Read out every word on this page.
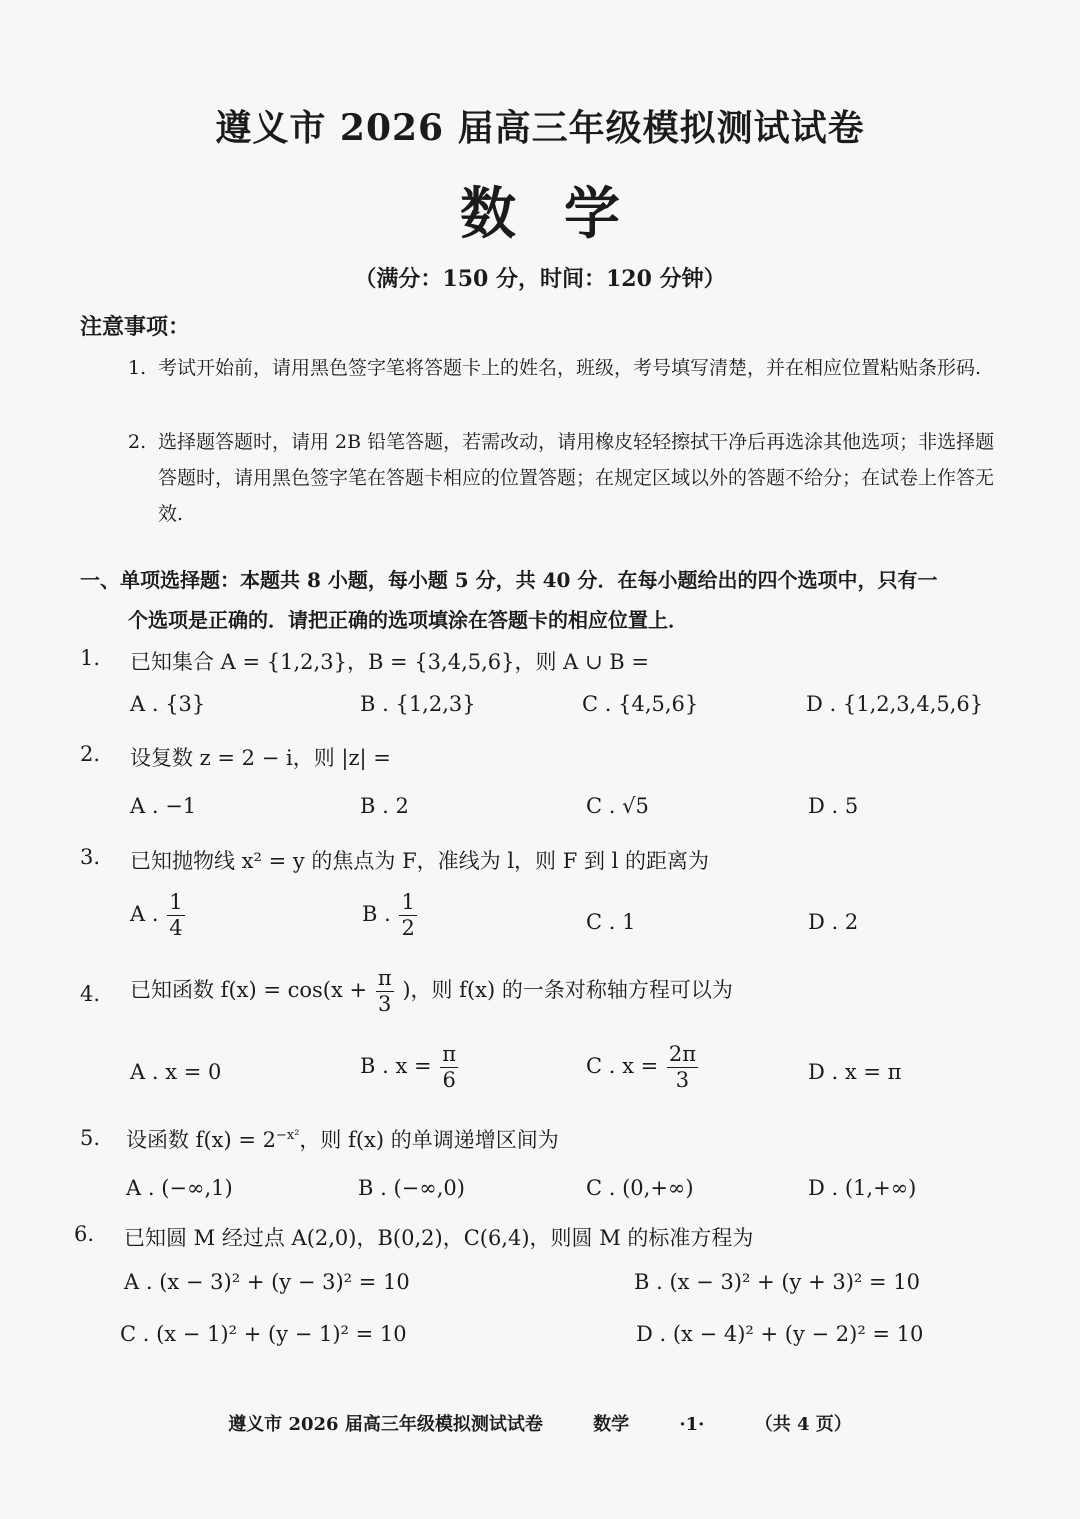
遵义市 2026 届高三年级模拟测试试卷
数学
（满分：150 分，时间：120 分钟）
注意事项：
1. 考试开始前，请用黑色签字笔将答题卡上的姓名，班级，考号填写清楚，并在相应位置粘贴条形码.
2. 选择题答题时，请用 2B 铅笔答题，若需改动，请用橡皮轻轻擦拭干净后再选涂其他选项；非选择题答题时，请用黑色签字笔在答题卡相应的位置答题；在规定区域以外的答题不给分；在试卷上作答无效.
一、单项选择题：本题共 8 小题，每小题 5 分，共 40 分．在每小题给出的四个选项中，只有一
个选项是正确的．请把正确的选项填涂在答题卡的相应位置上．
1. 已知集合 A = {1,2,3}，B = {3,4,5,6}，则 A ∪ B =
A . {3}	B . {1,2,3}	C . {4,5,6}	D . {1,2,3,4,5,6}
2. 设复数 z = 2 − i，则 |z| =
A . −1	B . 2	C . √5	D . 5
3. 已知抛物线 x² = y 的焦点为 F，准线为 l，则 F 到 l 的距离为
A . $\frac{1}{4}$	B . $\frac{1}{2}$	C . 1	D . 2
4. 已知函数 $f(x) = \cos(x + \frac{\pi}{3}$ )，则 f(x) 的一条对称轴方程可以为
A . x = 0	B . $x = \frac{\pi}{6}$	C . $x = \frac{2\pi}{3}$	D . x = π
5. 设函数 $f(x) = 2^{-x^2}$，则 f(x) 的单调递增区间为
A . (−∞,1)	B . (−∞,0)	C . (0,+∞)	D . (1,+∞)
6. 已知圆 M 经过点 A(2,0)，B(0,2)，C(6,4)，则圆 M 的标准方程为
A . (x − 3)² + (y − 3)² = 10	B . (x − 3)² + (y + 3)² = 10
C . (x − 1)² + (y − 1)² = 10	D . (x − 4)² + (y − 2)² = 10
遵义市 2026 届高三年级模拟测试试卷	数学	·1·	（共 4 页）
